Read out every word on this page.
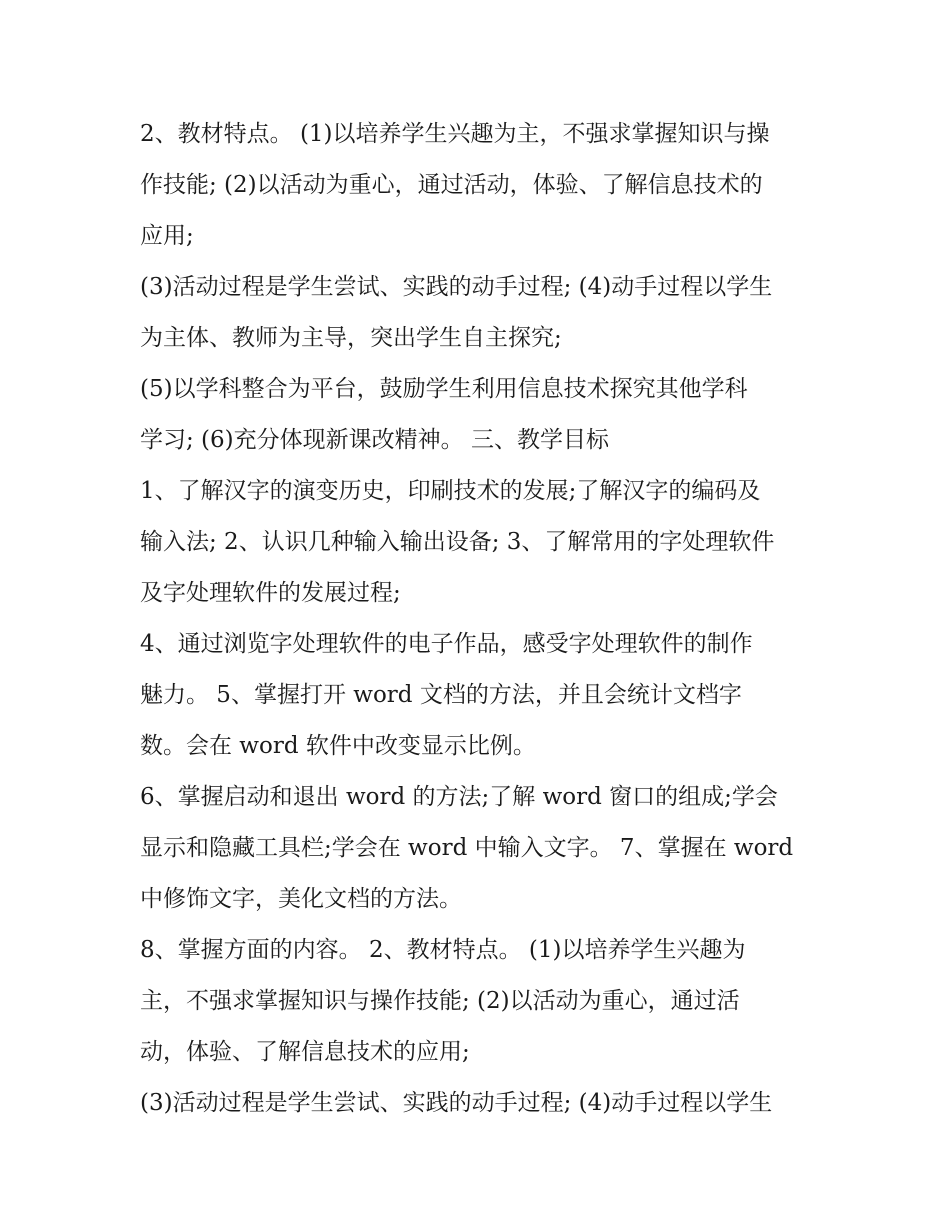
2、教材特点。 (1)以培养学生兴趣为主，不强求掌握知识与操
作技能; (2)以活动为重心，通过活动，体验、了解信息技术的
应用;
(3)活动过程是学生尝试、实践的动手过程; (4)动手过程以学生
为主体、教师为主导，突出学生自主探究;
(5)以学科整合为平台，鼓励学生利用信息技术探究其他学科
学习; (6)充分体现新课改精神。 三、教学目标
1、了解汉字的演变历史，印刷技术的发展;了解汉字的编码及
输入法; 2、认识几种输入输出设备; 3、了解常用的字处理软件
及字处理软件的发展过程;
4、通过浏览字处理软件的电子作品，感受字处理软件的制作
魅力。 5、掌握打开 word 文档的方法，并且会统计文档字
数。会在 word 软件中改变显示比例。
6、掌握启动和退出 word 的方法;了解 word 窗口的组成;学会
显示和隐藏工具栏;学会在 word 中输入文字。 7、掌握在 word
中修饰文字，美化文档的方法。
8、掌握方面的内容。 2、教材特点。 (1)以培养学生兴趣为
主，不强求掌握知识与操作技能; (2)以活动为重心，通过活
动，体验、了解信息技术的应用;
(3)活动过程是学生尝试、实践的动手过程; (4)动手过程以学生
